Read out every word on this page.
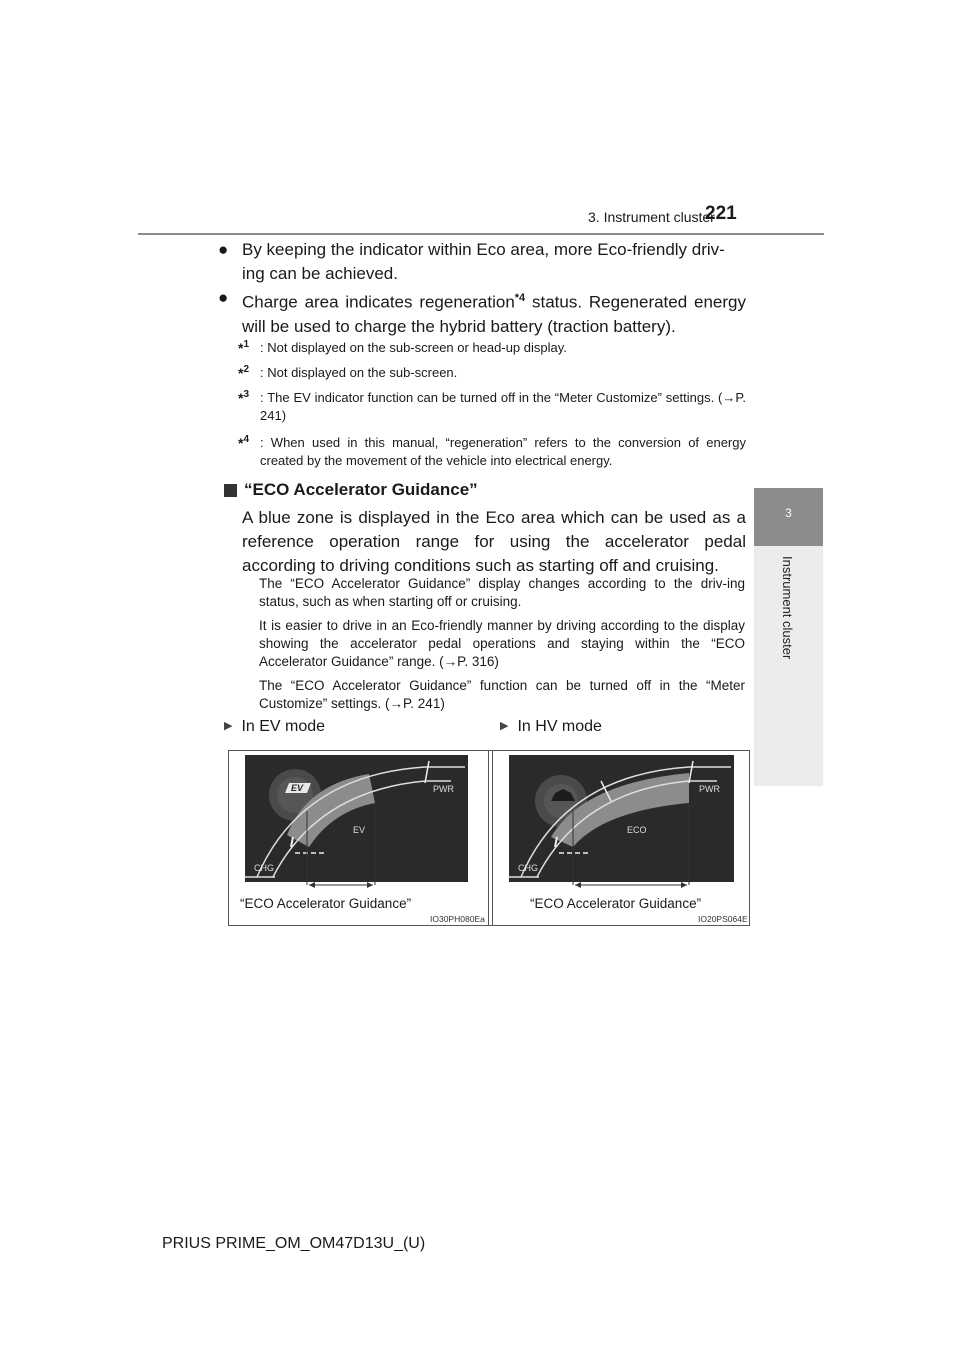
3. Instrument cluster
221
3
Instrument cluster
● By keeping the indicator within Eco area, more Eco-friendly driv-
ing can be achieved.
● Charge area indicates regeneration$^{*4}$ status. Regenerated energy will be used to charge the hybrid battery (traction battery).
*$^1$ : Not displayed on the sub-screen or head-up display.
*$^2$ : Not displayed on the sub-screen.
*$^3$ : The EV indicator function can be turned off in the “Meter Customize” settings. (→P. 241)
*$^4$ : When used in this manual, “regeneration” refers to the conversion of energy created by the movement of the vehicle into electrical energy.
“ECO Accelerator Guidance”
A blue zone is displayed in the Eco area which can be used as a reference operation range for using the accelerator pedal according to driving conditions such as starting off and cruising.
The “ECO Accelerator Guidance” display changes according to the driv-ing status, such as when starting off or cruising.
It is easier to drive in an Eco-friendly manner by driving according to the display showing the accelerator pedal operations and staying within the “ECO Accelerator Guidance” range. (→P. 316)
The “ECO Accelerator Guidance” function can be turned off in the “Meter Customize” settings. (→P. 241)
▶ In EV mode	▶ In HV mode
EV
EV
PWR
CHG
“ECO Accelerator Guidance”
IO30PH080Ea
ECO
PWR
CHG
“ECO Accelerator Guidance”
IO20PS064E
PRIUS PRIME_OM_OM47D13U_(U)
